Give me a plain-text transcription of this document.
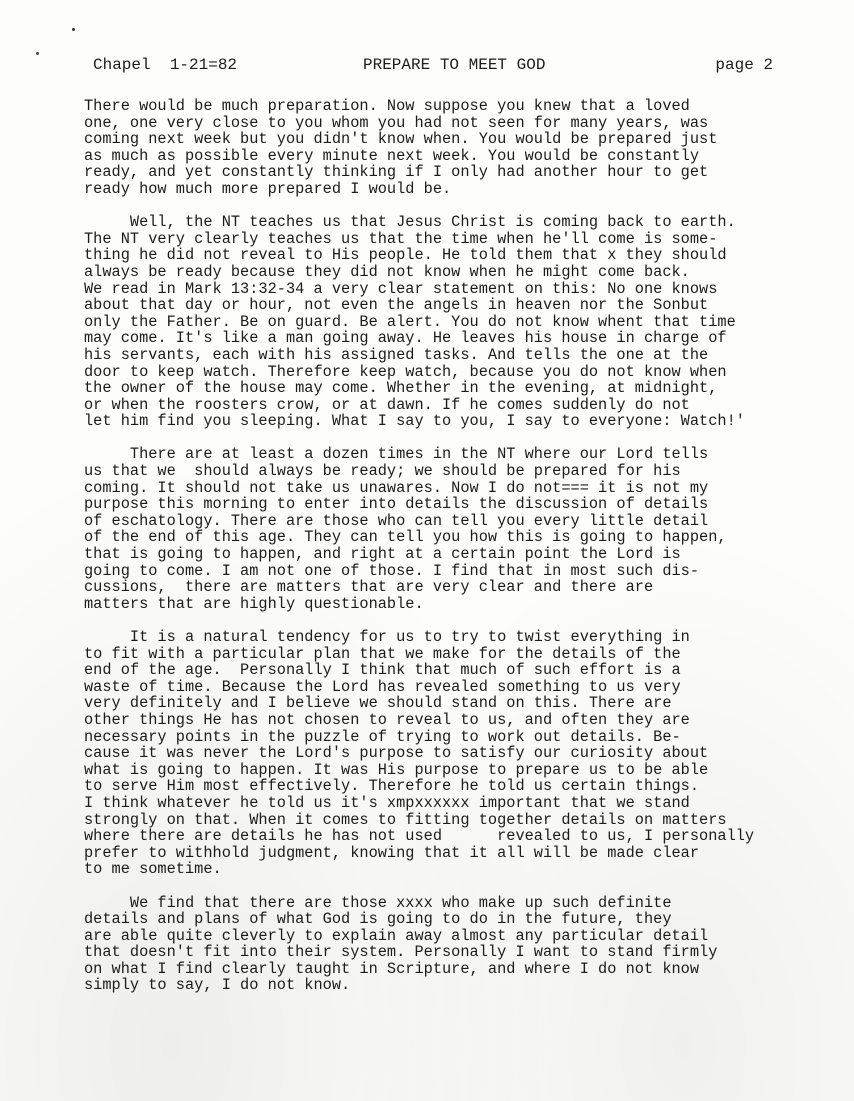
Chapel  1-21=82	PREPARE TO MEET GOD	page 2
There would be much preparation. Now suppose you knew that a loved
one, one very close to you whom you had not seen for many years, was
coming next week but you didn't know when. You would be prepared just
as much as possible every minute next week. You would be constantly
ready, and yet constantly thinking if I only had another hour to get
ready how much more prepared I would be.
Well, the NT teaches us that Jesus Christ is coming back to earth.
The NT very clearly teaches us that the time when he'll come is some-
thing he did not reveal to His people. He told them that x they should
always be ready because they did not know when he might come back.
We read in Mark 13:32-34 a very clear statement on this: No one knows
about that day or hour, not even the angels in heaven nor the Sonbut
only the Father. Be on guard. Be alert. You do not know whent that time
may come. It's like a man going away. He leaves his house in charge of
his servants, each with his assigned tasks. And tells the one at the
door to keep watch. Therefore keep watch, because you do not know when
the owner of the house may come. Whether in the evening, at midnight,
or when the roosters crow, or at dawn. If he comes suddenly do not
let him find you sleeping. What I say to you, I say to everyone: Watch!'
There are at least a dozen times in the NT where our Lord tells
us that we  should always be ready; we should be prepared for his
coming. It should not take us unawares. Now I do not=== it is not my
purpose this morning to enter into details the discussion of details
of eschatology. There are those who can tell you every little detail
of the end of this age. They can tell you how this is going to happen,
that is going to happen, and right at a certain point the Lord is
going to come. I am not one of those. I find that in most such dis-
cussions,  there are matters that are very clear and there are
matters that are highly questionable.
It is a natural tendency for us to try to twist everything in
to fit with a particular plan that we make for the details of the
end of the age.  Personally I think that much of such effort is a
waste of time. Because the Lord has revealed something to us very
very definitely and I believe we should stand on this. There are
other things He has not chosen to reveal to us, and often they are
necessary points in the puzzle of trying to work out details. Be-
cause it was never the Lord's purpose to satisfy our curiosity about
what is going to happen. It was His purpose to prepare us to be able
to serve Him most effectively. Therefore he told us certain things.
I think whatever he told us it's xmpxxxxxx important that we stand
strongly on that. When it comes to fitting together details on matters
where there are details he has not used      revealed to us, I personally
prefer to withhold judgment, knowing that it all will be made clear
to me sometime.
We find that there are those xxxx who make up such definite
details and plans of what God is going to do in the future, they
are able quite cleverly to explain away almost any particular detail
that doesn't fit into their system. Personally I want to stand firmly
on what I find clearly taught in Scripture, and where I do not know
simply to say, I do not know.
